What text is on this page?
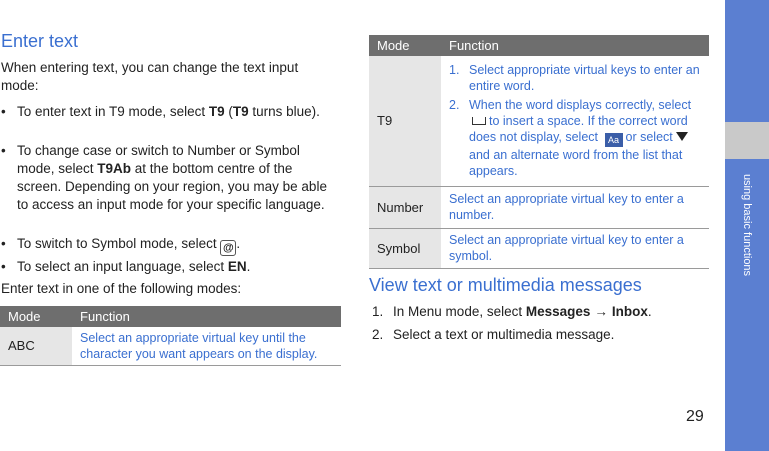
using basic functions
29
Enter text
When entering text, you can change the text input mode:
• To enter text in T9 mode, select T9 (T9 turns blue).
• To change case or switch to Number or Symbol mode, select T9Ab at the bottom centre of the screen. Depending on your region, you may be able to access an input mode for your specific language.
• To switch to Symbol mode, select @ .
• To select an input language, select EN.
Enter text in one of the following modes:
Mode	Function
ABC	Select an appropriate virtual key until the character you want appears on the display.
Mode	Function
T9	1. Select appropriate virtual keys to enter an entire word.
2. When the word displays correctly, select to insert a space. If the correct word does not display, select Aa or select and an alternate word from the list that appears.

Number	Select an appropriate virtual key to enter a number.
Symbol	Select an appropriate virtual key to enter a symbol.
View text or multimedia messages
1. In Menu mode, select Messages → Inbox.
2. Select a text or multimedia message.
